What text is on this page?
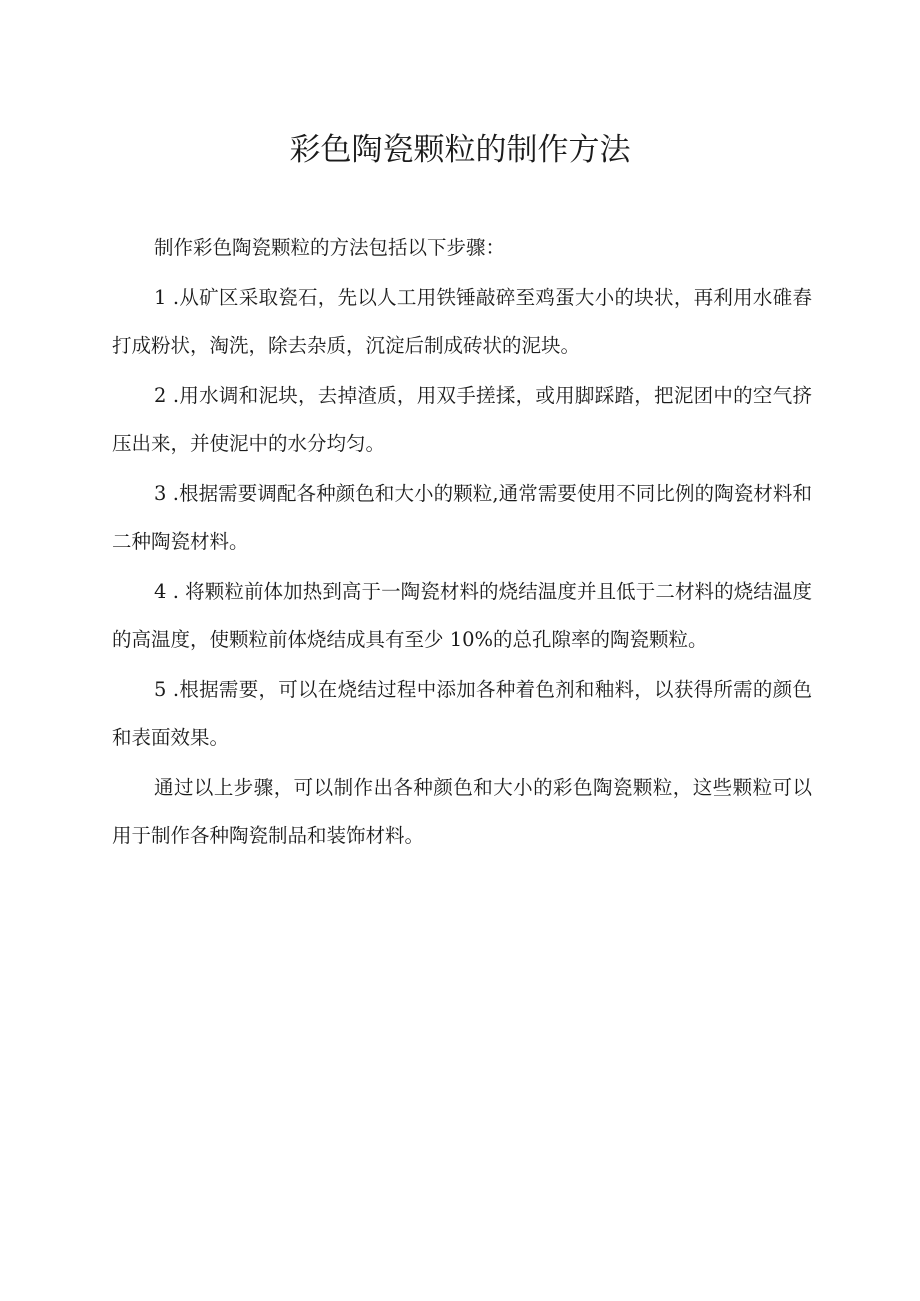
彩色陶瓷颗粒的制作方法

制作彩色陶瓷颗粒的方法包括以下步骤：

1 .从矿区采取瓷石，先以人工用铁锤敲碎至鸡蛋大小的块状，再利用水碓舂打成粉状，淘洗，除去杂质，沉淀后制成砖状的泥块。

2 .用水调和泥块，去掉渣质，用双手搓揉，或用脚踩踏，把泥团中的空气挤压出来，并使泥中的水分均匀。

3 .根据需要调配各种颜色和大小的颗粒,通常需要使用不同比例的陶瓷材料和二种陶瓷材料。

4 . 将颗粒前体加热到高于一陶瓷材料的烧结温度并且低于二材料的烧结温度的高温度，使颗粒前体烧结成具有至少 10%的总孔隙率的陶瓷颗粒。

5 .根据需要，可以在烧结过程中添加各种着色剂和釉料，以获得所需的颜色和表面效果。

通过以上步骤，可以制作出各种颜色和大小的彩色陶瓷颗粒，这些颗粒可以用于制作各种陶瓷制品和装饰材料。
